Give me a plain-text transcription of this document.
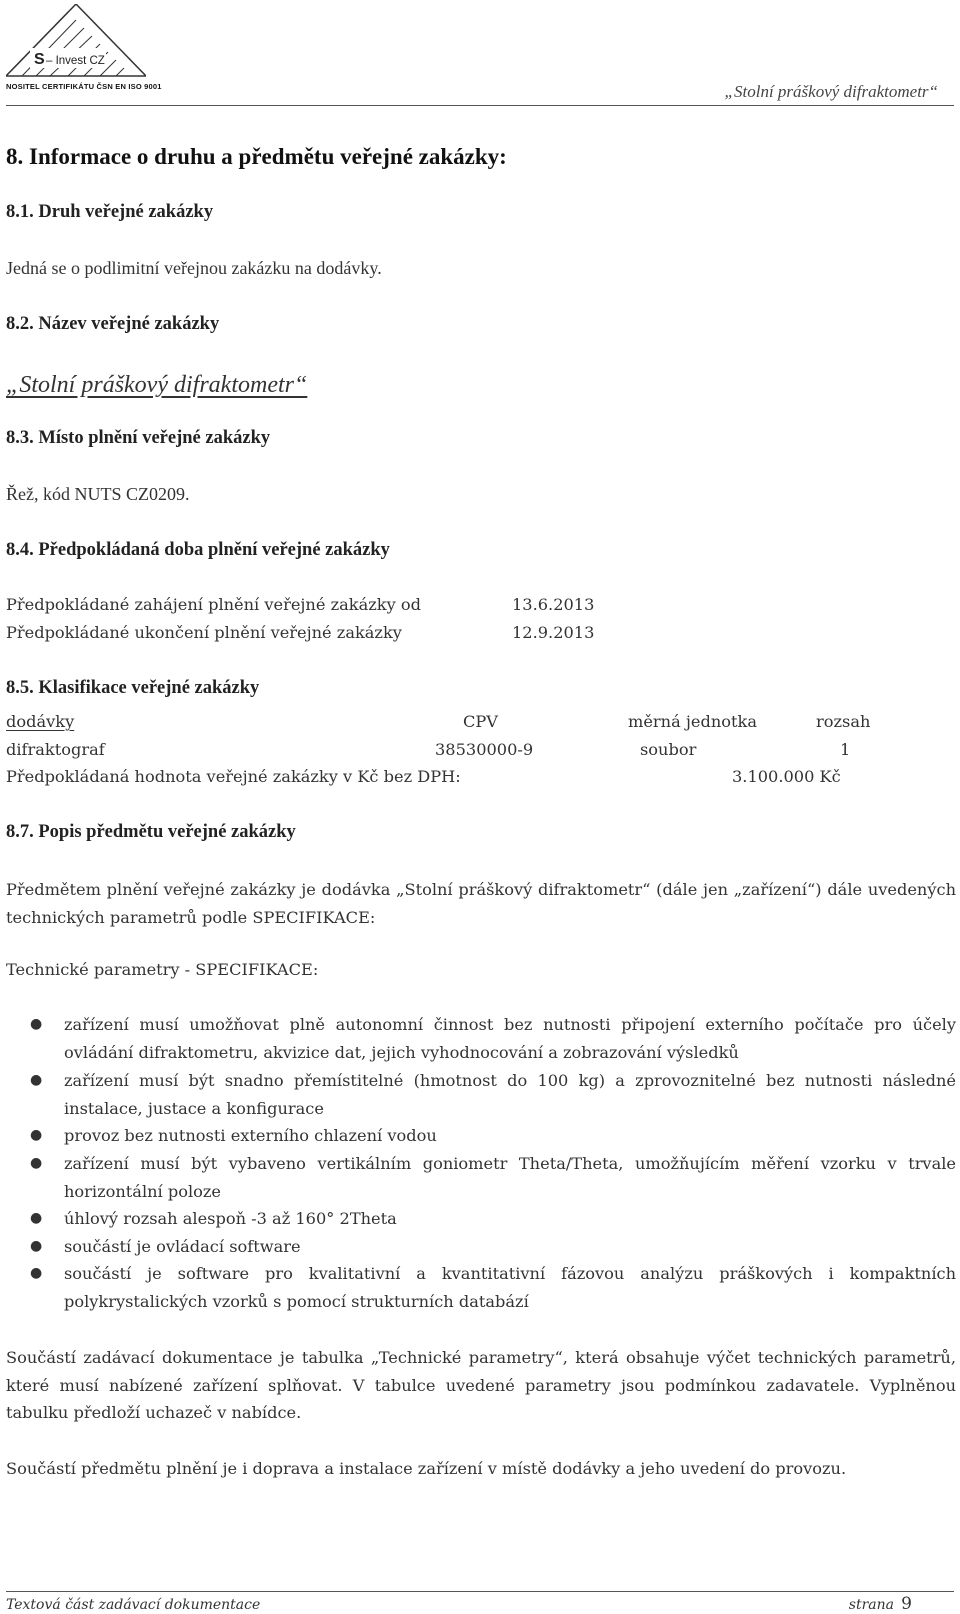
S – Invest CZ
NOSITEL CERTIFIKÁTU ČSN EN ISO 9001	„Stolní práškový difraktometr“
8. Informace o druhu a předmětu veřejné zakázky:
8.1. Druh veřejné zakázky
Jedná se o podlimitní veřejnou zakázku na dodávky.
8.2. Název veřejné zakázky
„Stolní práškový difraktometr“
8.3. Místo plnění veřejné zakázky
Řež, kód NUTS CZ0209.
8.4. Předpokládaná doba plnění veřejné zakázky
Předpokládané zahájení plnění veřejné zakázky od	13.6.2013
Předpokládané ukončení plnění veřejné zakázky	12.9.2013
8.5. Klasifikace veřejné zakázky
dodávky	CPV	měrná jednotka	rozsah
difraktograf	38530000-9	soubor	1
Předpokládaná hodnota veřejné zakázky v Kč bez DPH:	3.100.000 Kč
8.7. Popis předmětu veřejné zakázky
Předmětem plnění veřejné zakázky je dodávka „Stolní práškový difraktometr“ (dále jen „zařízení“) dále uvedených technických parametrů podle SPECIFIKACE:
Technické parametry - SPECIFIKACE:
● zařízení musí umožňovat plně autonomní činnost bez nutnosti připojení externího počítače pro účely ovládání difraktometru, akvizice dat, jejich vyhodnocování a zobrazování výsledků
● zařízení musí být snadno přemístitelné (hmotnost do 100 kg) a zprovoznitelné bez nutnosti následné instalace, justace a konfigurace
● provoz bez nutnosti externího chlazení vodou
● zařízení musí být vybaveno vertikálním goniometr Theta/Theta, umožňujícím měření vzorku v trvale horizontální poloze
● úhlový rozsah alespoň -3 až 160° 2Theta
● součástí je ovládací software
● součástí je software pro kvalitativní a kvantitativní fázovou analýzu práškových i kompaktních polykrystalických vzorků s pomocí strukturních databází
Součástí zadávací dokumentace je tabulka „Technické parametry“, která obsahuje výčet technických parametrů, které musí nabízené zařízení splňovat. V tabulce uvedené parametry jsou podmínkou zadavatele. Vyplněnou tabulku předloží uchazeč v nabídce.
Součástí předmětu plnění je i doprava a instalace zařízení v místě dodávky a jeho uvedení do provozu.
Textová část zadávací dokumentace	strana 9
